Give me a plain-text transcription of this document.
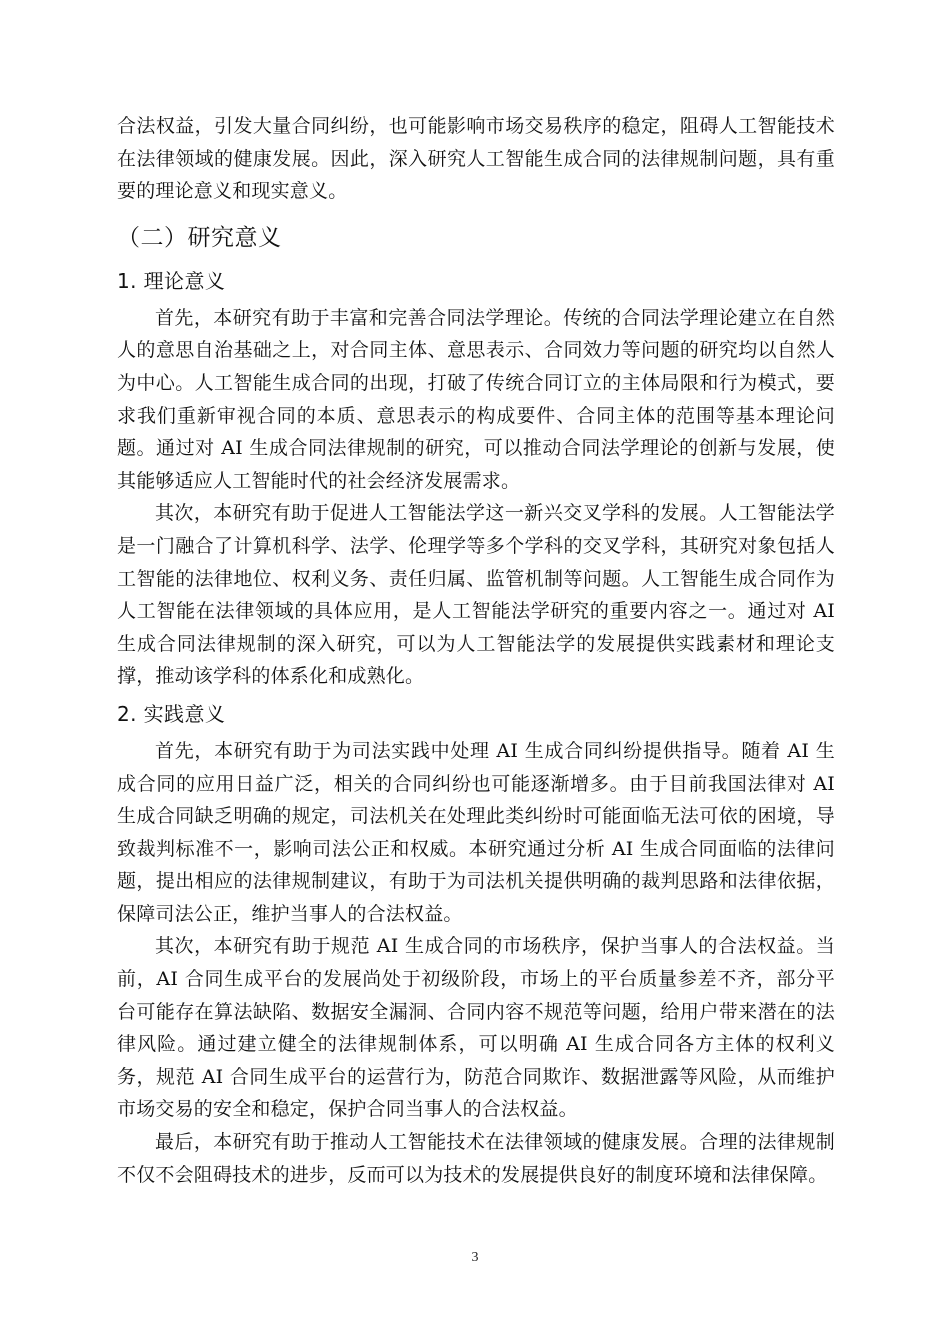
合法权益，引发大量合同纠纷，也可能影响市场交易秩序的稳定，阻碍人工智能技术在法律领域的健康发展。因此，深入研究人工智能生成合同的法律规制问题，具有重要的理论意义和现实意义。

（二）研究意义
1. 理论意义

首先，本研究有助于丰富和完善合同法学理论。传统的合同法学理论建立在自然人的意思自治基础之上，对合同主体、意思表示、合同效力等问题的研究均以自然人为中心。人工智能生成合同的出现，打破了传统合同订立的主体局限和行为模式，要求我们重新审视合同的本质、意思表示的构成要件、合同主体的范围等基本理论问题。通过对 AI 生成合同法律规制的研究，可以推动合同法学理论的创新与发展，使其能够适应人工智能时代的社会经济发展需求。

其次，本研究有助于促进人工智能法学这一新兴交叉学科的发展。人工智能法学是一门融合了计算机科学、法学、伦理学等多个学科的交叉学科，其研究对象包括人工智能的法律地位、权利义务、责任归属、监管机制等问题。人工智能生成合同作为人工智能在法律领域的具体应用，是人工智能法学研究的重要内容之一。通过对 AI 生成合同法律规制的深入研究，可以为人工智能法学的发展提供实践素材和理论支撑，推动该学科的体系化和成熟化。

2. 实践意义

首先，本研究有助于为司法实践中处理 AI 生成合同纠纷提供指导。随着 AI 生成合同的应用日益广泛，相关的合同纠纷也可能逐渐增多。由于目前我国法律对 AI 生成合同缺乏明确的规定，司法机关在处理此类纠纷时可能面临无法可依的困境，导致裁判标准不一，影响司法公正和权威。本研究通过分析 AI 生成合同面临的法律问题，提出相应的法律规制建议，有助于为司法机关提供明确的裁判思路和法律依据，保障司法公正，维护当事人的合法权益。

其次，本研究有助于规范 AI 生成合同的市场秩序，保护当事人的合法权益。当前，AI 合同生成平台的发展尚处于初级阶段，市场上的平台质量参差不齐，部分平台可能存在算法缺陷、数据安全漏洞、合同内容不规范等问题，给用户带来潜在的法律风险。通过建立健全的法律规制体系，可以明确 AI 生成合同各方主体的权利义务，规范 AI 合同生成平台的运营行为，防范合同欺诈、数据泄露等风险，从而维护市场交易的安全和稳定，保护合同当事人的合法权益。

最后，本研究有助于推动人工智能技术在法律领域的健康发展。合理的法律规制不仅不会阻碍技术的进步，反而可以为技术的发展提供良好的制度环境和法律保障。

3
